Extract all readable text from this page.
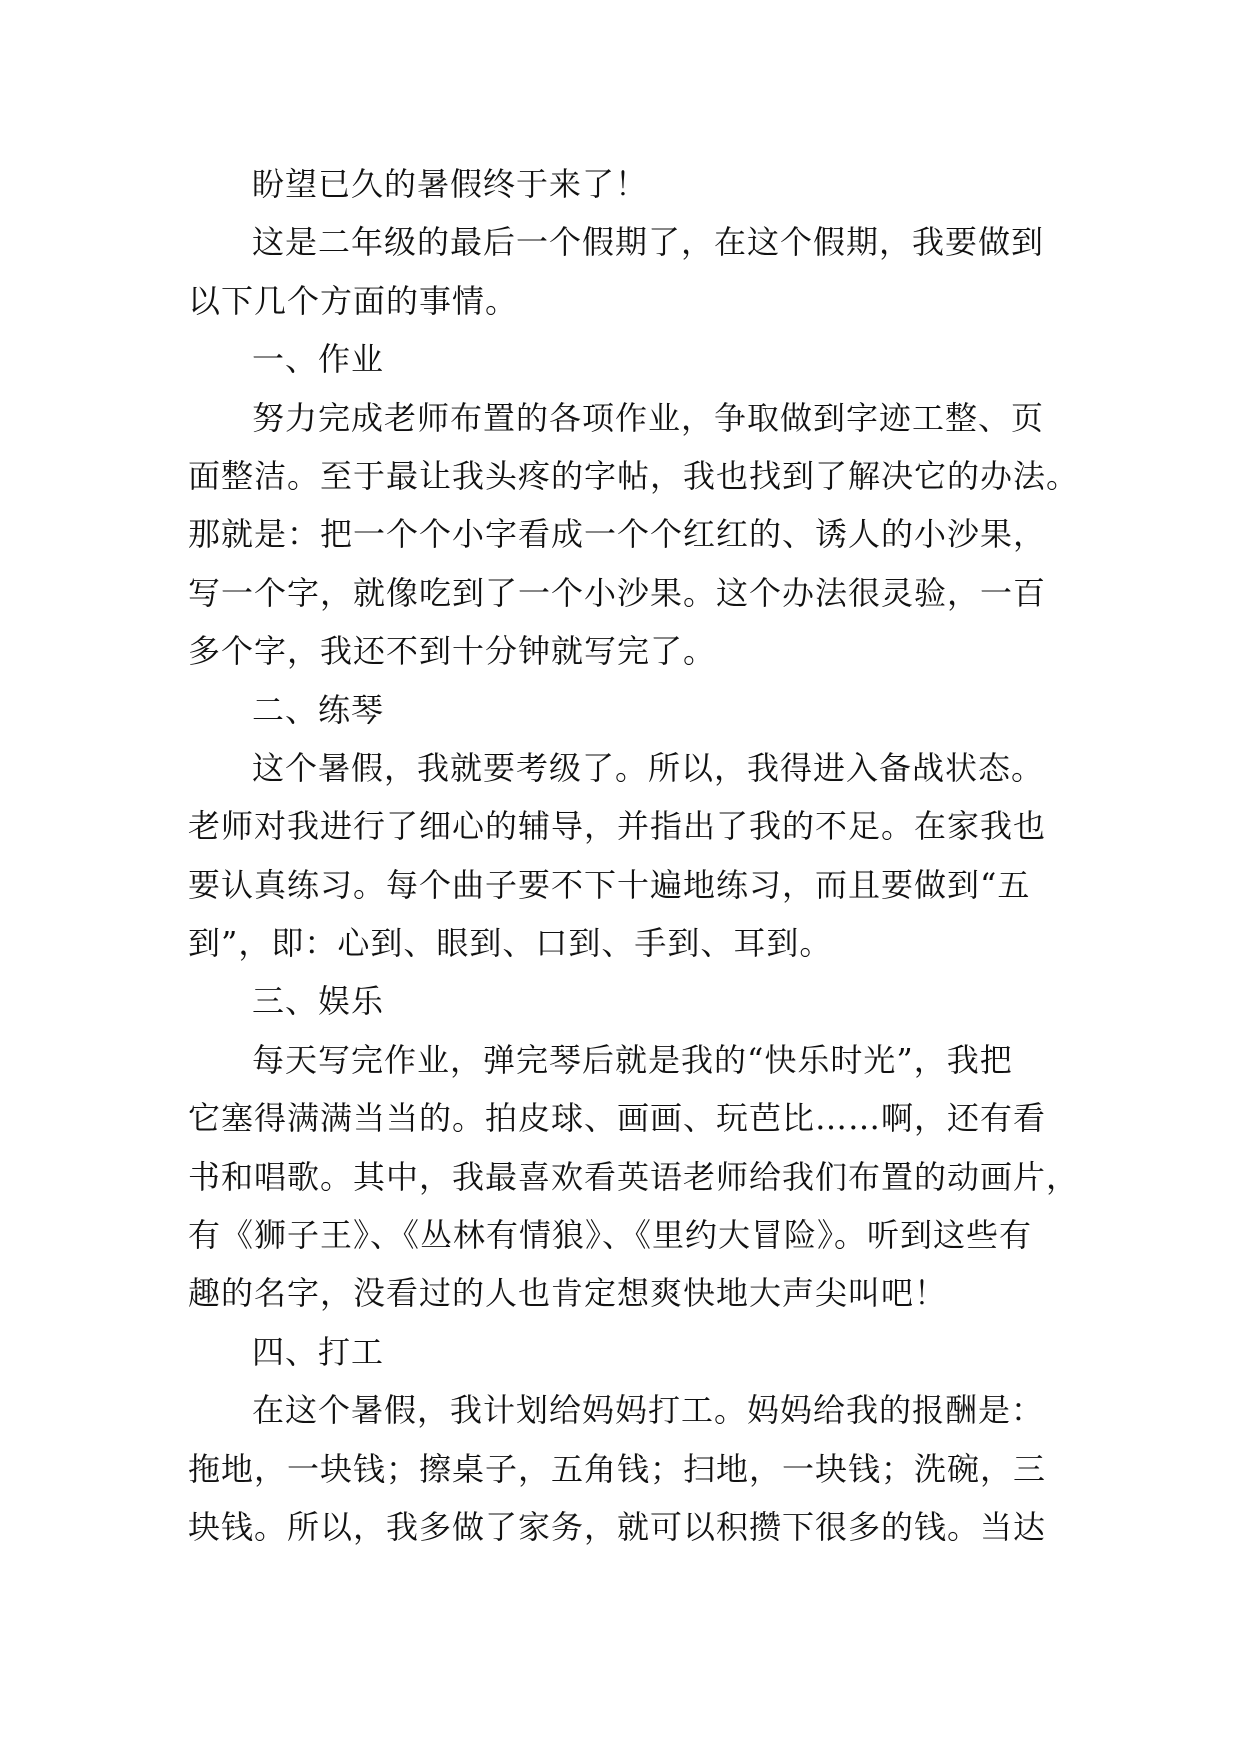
盼望已久的暑假终于来了！
这是二年级的最后一个假期了，在这个假期，我要做到
以下几个方面的事情。
一、作业
努力完成老师布置的各项作业，争取做到字迹工整、页
面整洁。至于最让我头疼的字帖，我也找到了解决它的办法。
那就是：把一个个小字看成一个个红红的、诱人的小沙果，
写一个字，就像吃到了一个小沙果。这个办法很灵验，一百
多个字，我还不到十分钟就写完了。
二、练琴
这个暑假，我就要考级了。所以，我得进入备战状态。
老师对我进行了细心的辅导，并指出了我的不足。在家我也
要认真练习。每个曲子要不下十遍地练习，而且要做到“五
到”，即：心到、眼到、口到、手到、耳到。
三、娱乐
每天写完作业，弹完琴后就是我的“快乐时光”，我把
它塞得满满当当的。拍皮球、画画、玩芭比……啊，还有看
书和唱歌。其中，我最喜欢看英语老师给我们布置的动画片，
有《狮子王》、《丛林有情狼》、《里约大冒险》。听到这些有
趣的名字，没看过的人也肯定想爽快地大声尖叫吧！
四、打工
在这个暑假，我计划给妈妈打工。妈妈给我的报酬是：
拖地，一块钱；擦桌子，五角钱；扫地，一块钱；洗碗，三
块钱。所以，我多做了家务，就可以积攒下很多的钱。当达
